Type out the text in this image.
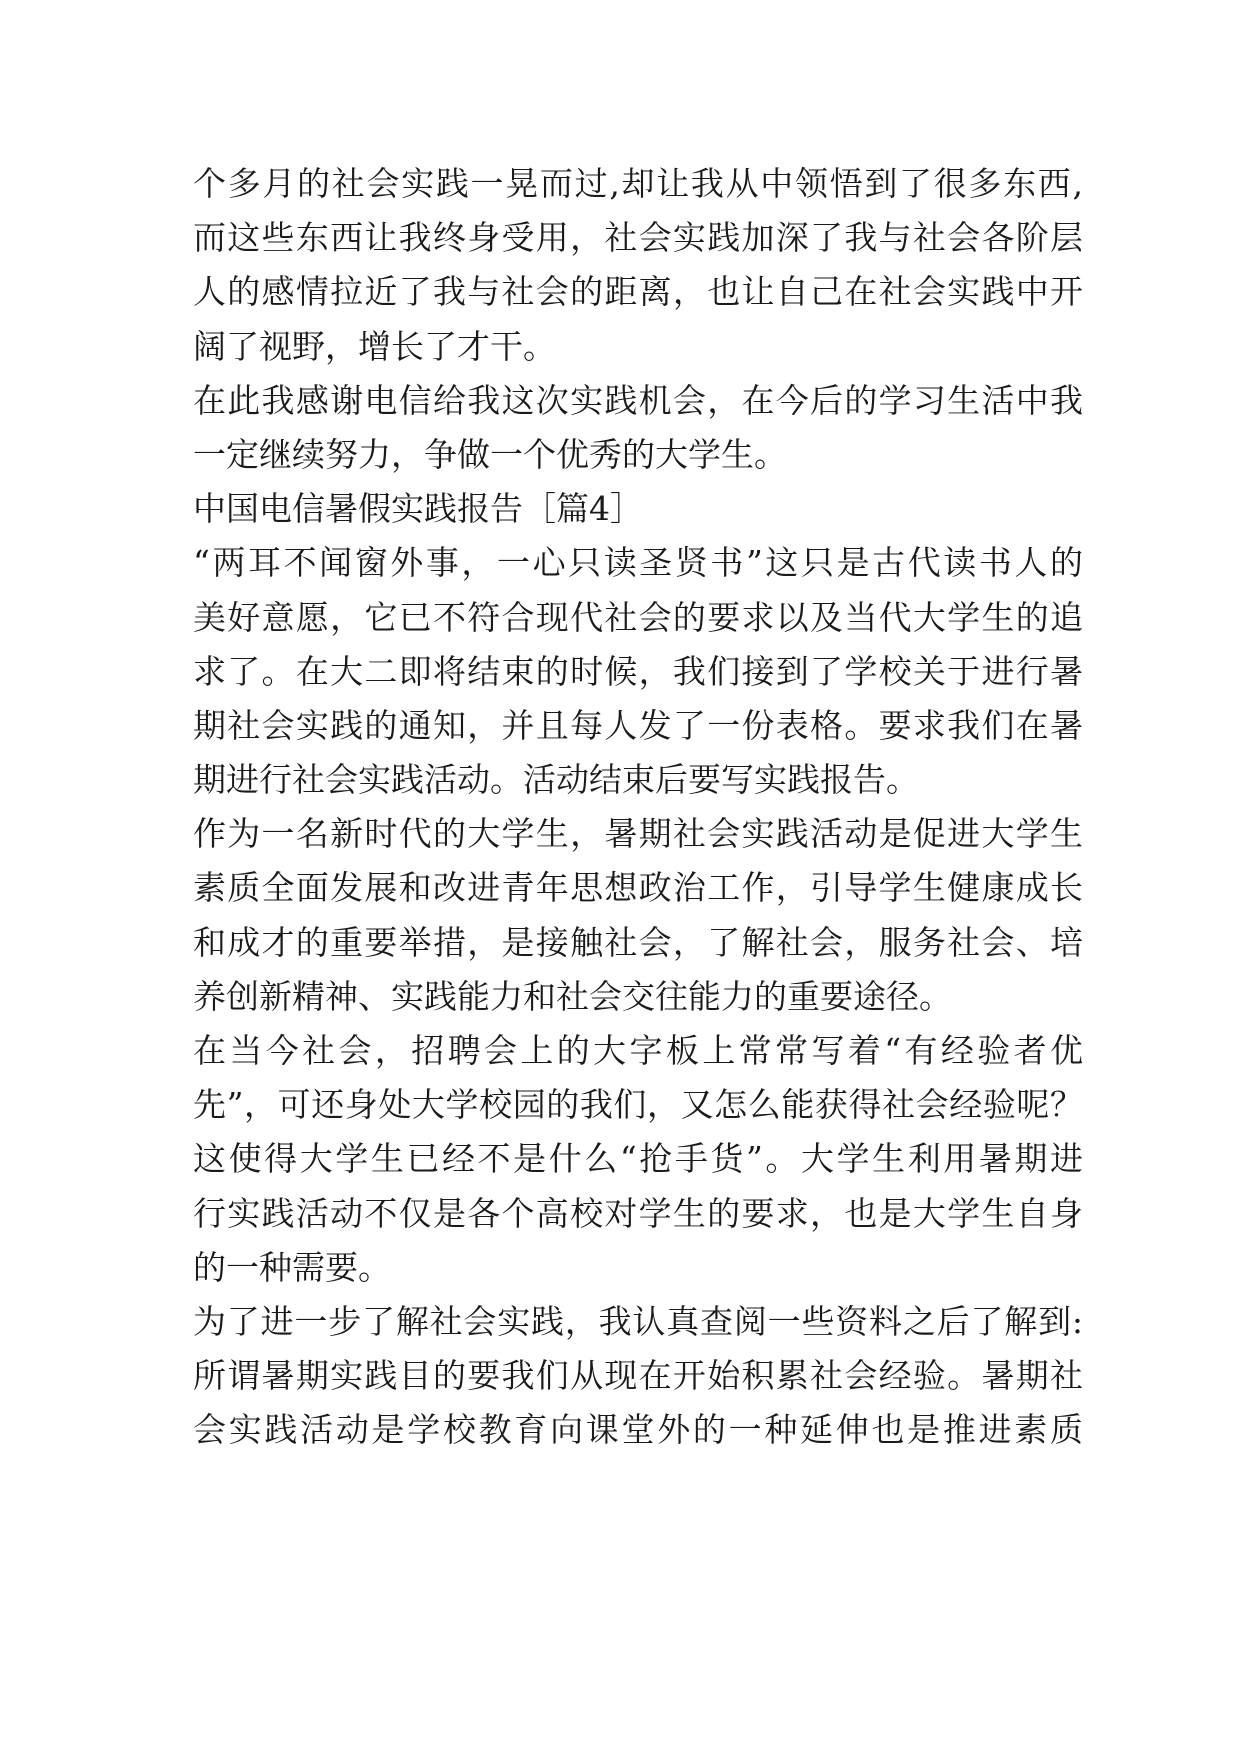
个多月的社会实践一晃而过,却让我从中领悟到了很多东西,
而这些东西让我终身受用，社会实践加深了我与社会各阶层
人的感情拉近了我与社会的距离，也让自己在社会实践中开
阔了视野，增长了才干。
在此我感谢电信给我这次实践机会，在今后的学习生活中我
一定继续努力，争做一个优秀的大学生。
中国电信暑假实践报告［篇4］
“两耳不闻窗外事，一心只读圣贤书”这只是古代读书人的
美好意愿，它已不符合现代社会的要求以及当代大学生的追
求了。在大二即将结束的时候，我们接到了学校关于进行暑
期社会实践的通知，并且每人发了一份表格。要求我们在暑
期进行社会实践活动。活动结束后要写实践报告。
作为一名新时代的大学生，暑期社会实践活动是促进大学生
素质全面发展和改进青年思想政治工作，引导学生健康成长
和成才的重要举措，是接触社会，了解社会，服务社会、培
养创新精神、实践能力和社会交往能力的重要途径。
在当今社会，招聘会上的大字板上常常写着“有经验者优
先”，可还身处大学校园的我们，又怎么能获得社会经验呢？
这使得大学生已经不是什么“抢手货”。大学生利用暑期进
行实践活动不仅是各个高校对学生的要求，也是大学生自身
的一种需要。
为了进一步了解社会实践，我认真查阅一些资料之后了解到:
所谓暑期实践目的要我们从现在开始积累社会经验。暑期社
会实践活动是学校教育向课堂外的一种延伸也是推进素质
